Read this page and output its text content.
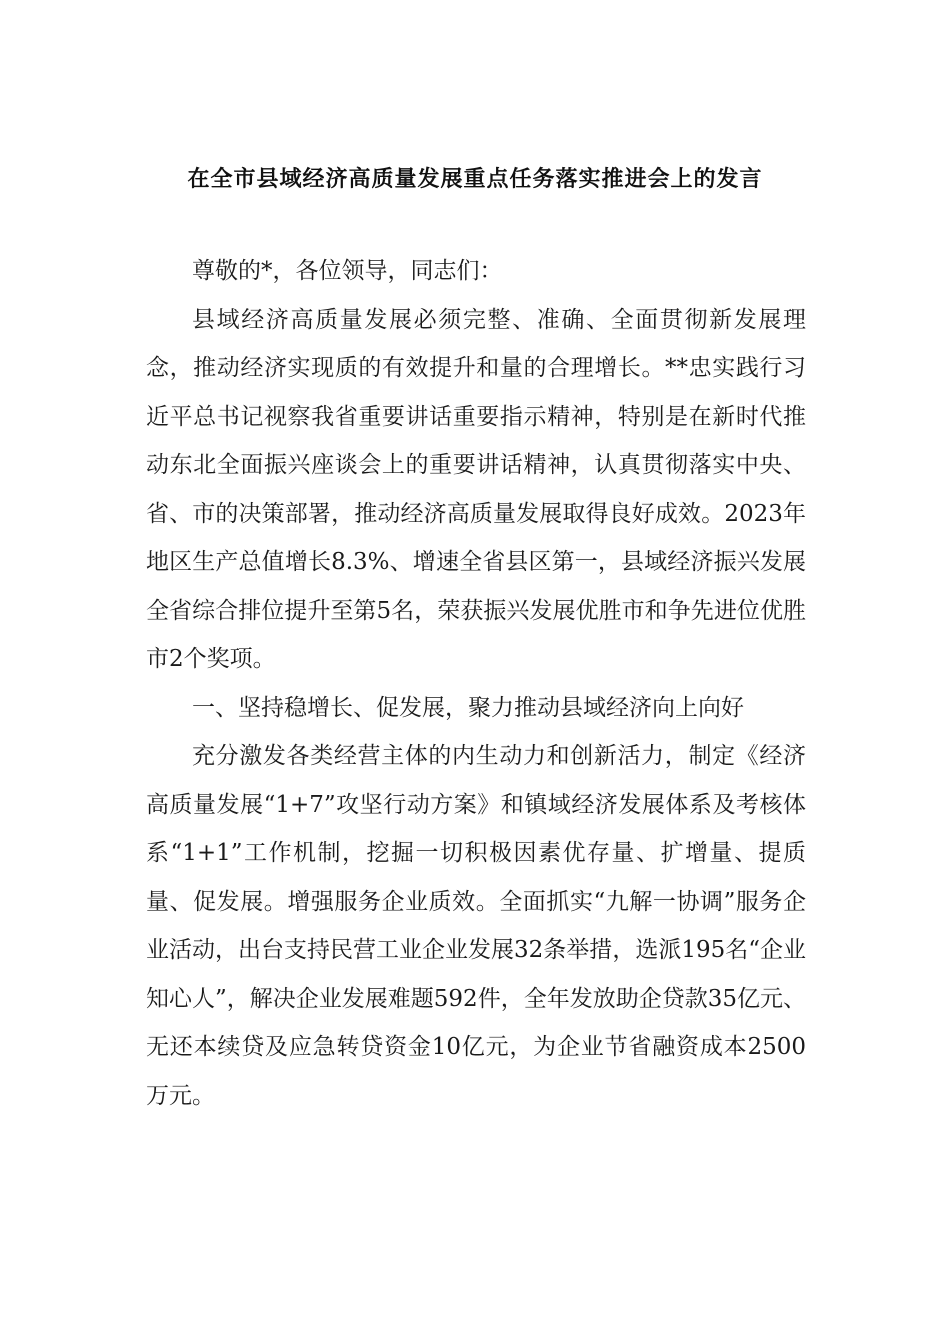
在全市县域经济高质量发展重点任务落实推进会上的发言

尊敬的*，各位领导，同志们：

县域经济高质量发展必须完整、准确、全面贯彻新发展理念，推动经济实现质的有效提升和量的合理增长。**忠实践行习近平总书记视察我省重要讲话重要指示精神，特别是在新时代推动东北全面振兴座谈会上的重要讲话精神，认真贯彻落实中央、省、市的决策部署，推动经济高质量发展取得良好成效。2023年地区生产总值增长8.3%、增速全省县区第一，县域经济振兴发展全省综合排位提升至第5名，荣获振兴发展优胜市和争先进位优胜市2个奖项。

一、坚持稳增长、促发展，聚力推动县域经济向上向好

充分激发各类经营主体的内生动力和创新活力，制定《经济高质量发展“1+7”攻坚行动方案》和镇域经济发展体系及考核体系“1+1”工作机制，挖掘一切积极因素优存量、扩增量、提质量、促发展。增强服务企业质效。全面抓实“九解一协调”服务企业活动，出台支持民营工业企业发展32条举措，选派195名“企业知心人”，解决企业发展难题592件，全年发放助企贷款35亿元、无还本续贷及应急转贷资金10亿元，为企业节省融资成本2500万元。
